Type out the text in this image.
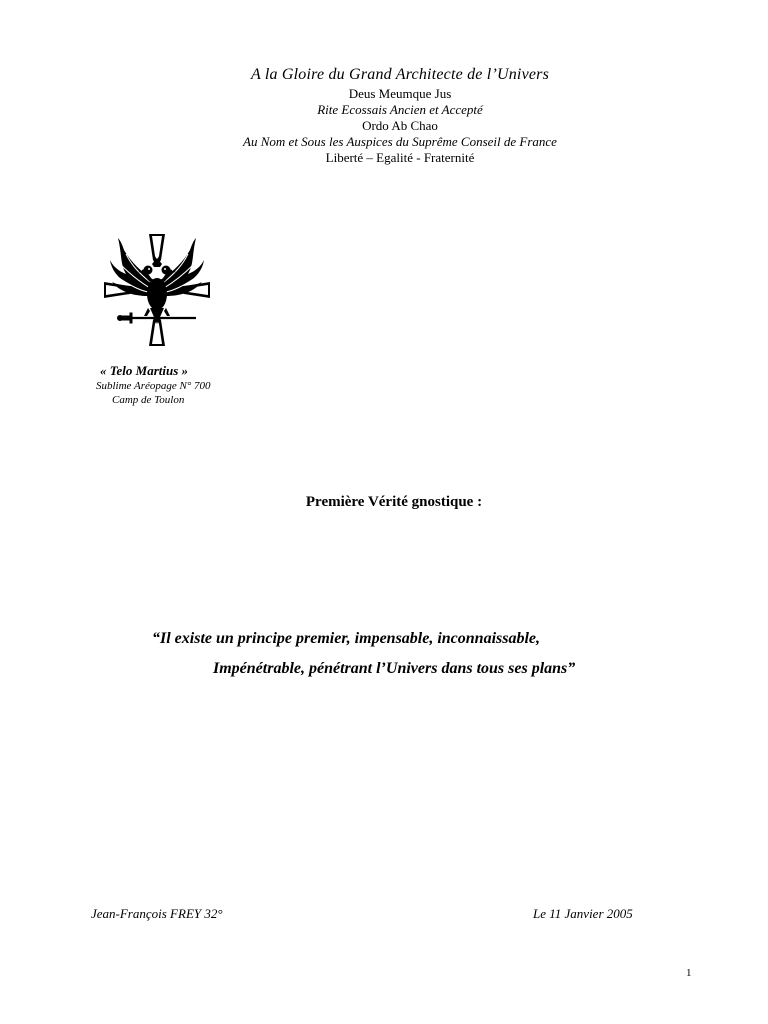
A la Gloire du Grand Architecte de l’Univers
Deus Meumque Jus
Rite Ecossais Ancien et Accepté
Ordo Ab Chao
Au Nom et Sous les Auspices du Suprême Conseil de France
Liberté – Egalité - Fraternité
« Telo Martius »
Sublime Aréopage N° 700
Camp de Toulon
Première Vérité gnostique :
“Il existe un principe premier, impensable, inconnaissable,
Impénétrable, pénétrant l’Univers dans tous ses plans”
Jean-François FREY 32°	Le 11 Janvier 2005
1
